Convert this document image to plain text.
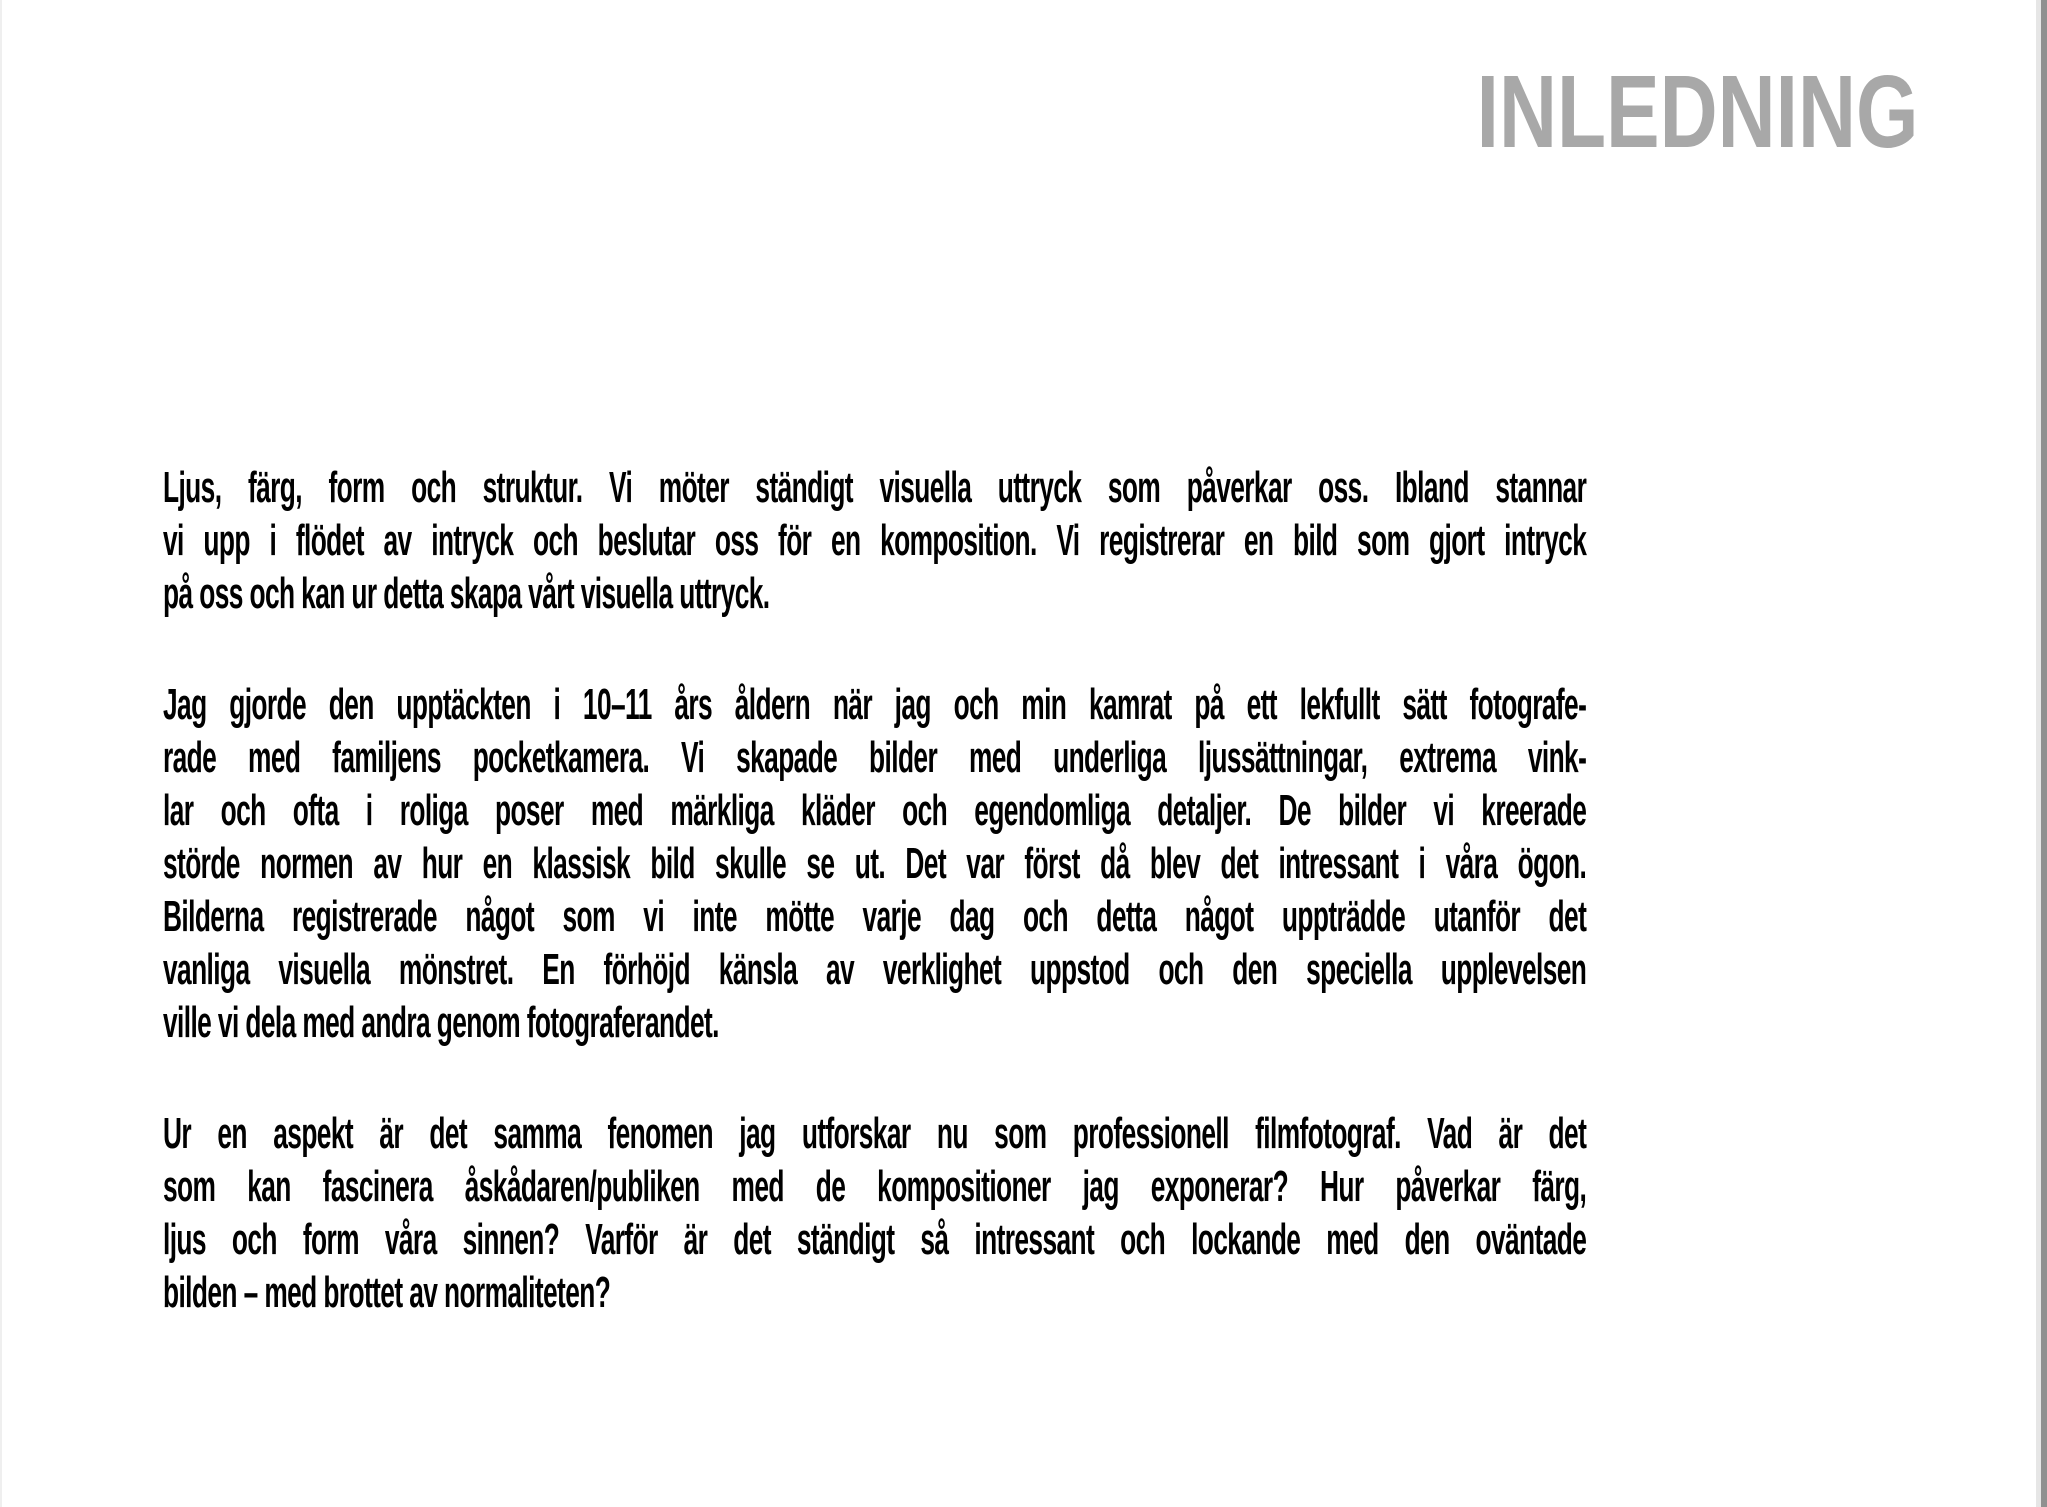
INLEDNING
Ljus, färg, form och struktur. Vi möter ständigt visuella uttryck som påverkar oss. Ibland stannar
vi upp i flödet av intryck och beslutar oss för en komposition. Vi registrerar en bild som gjort intryck
på oss och kan ur detta skapa vårt visuella uttryck.
Jag gjorde den upptäckten i 10–11 års åldern när jag och min kamrat på ett lekfullt sätt fotografe-
rade med familjens pocketkamera. Vi skapade bilder med underliga ljussättningar, extrema vink-
lar och ofta i roliga poser med märkliga kläder och egendomliga detaljer. De bilder vi kreerade
störde normen av hur en klassisk bild skulle se ut. Det var först då blev det intressant i våra ögon.
Bilderna registrerade något som vi inte mötte varje dag och detta något uppträdde utanför det
vanliga visuella mönstret. En förhöjd känsla av verklighet uppstod och den speciella upplevelsen
ville vi dela med andra genom fotograferandet.
Ur en aspekt är det samma fenomen jag utforskar nu som professionell filmfotograf. Vad är det
som kan fascinera åskådaren/publiken med de kompositioner jag exponerar? Hur påverkar färg,
ljus och form våra sinnen? Varför är det ständigt så intressant och lockande med den oväntade
bilden – med brottet av normaliteten?
